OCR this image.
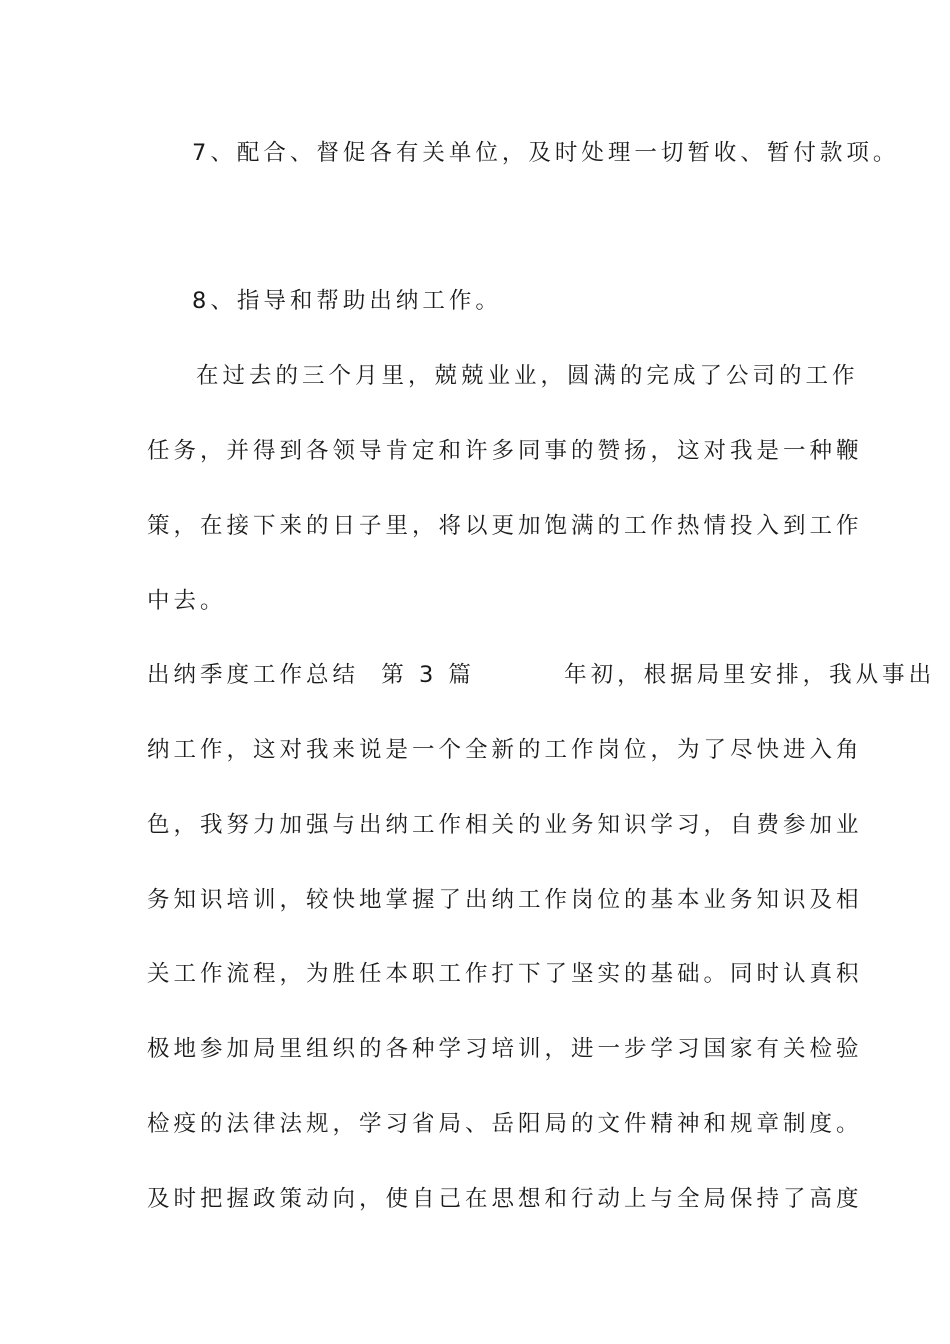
7、配合、督促各有关单位，及时处理一切暂收、暂付款项。
8、指导和帮助出纳工作。
在过去的三个月里，兢兢业业，圆满的完成了公司的工作
任务，并得到各领导肯定和许多同事的赞扬，这对我是一种鞭
策，在接下来的日子里，将以更加饱满的工作热情投入到工作
中去。
出纳季度工作总结  第 3 篇        年初，根据局里安排，我从事出
纳工作，这对我来说是一个全新的工作岗位，为了尽快进入角
色，我努力加强与出纳工作相关的业务知识学习，自费参加业
务知识培训，较快地掌握了出纳工作岗位的基本业务知识及相
关工作流程，为胜任本职工作打下了坚实的基础。同时认真积
极地参加局里组织的各种学习培训，进一步学习国家有关检验
检疫的法律法规，学习省局、岳阳局的文件精神和规章制度。
及时把握政策动向，使自己在思想和行动上与全局保持了高度
